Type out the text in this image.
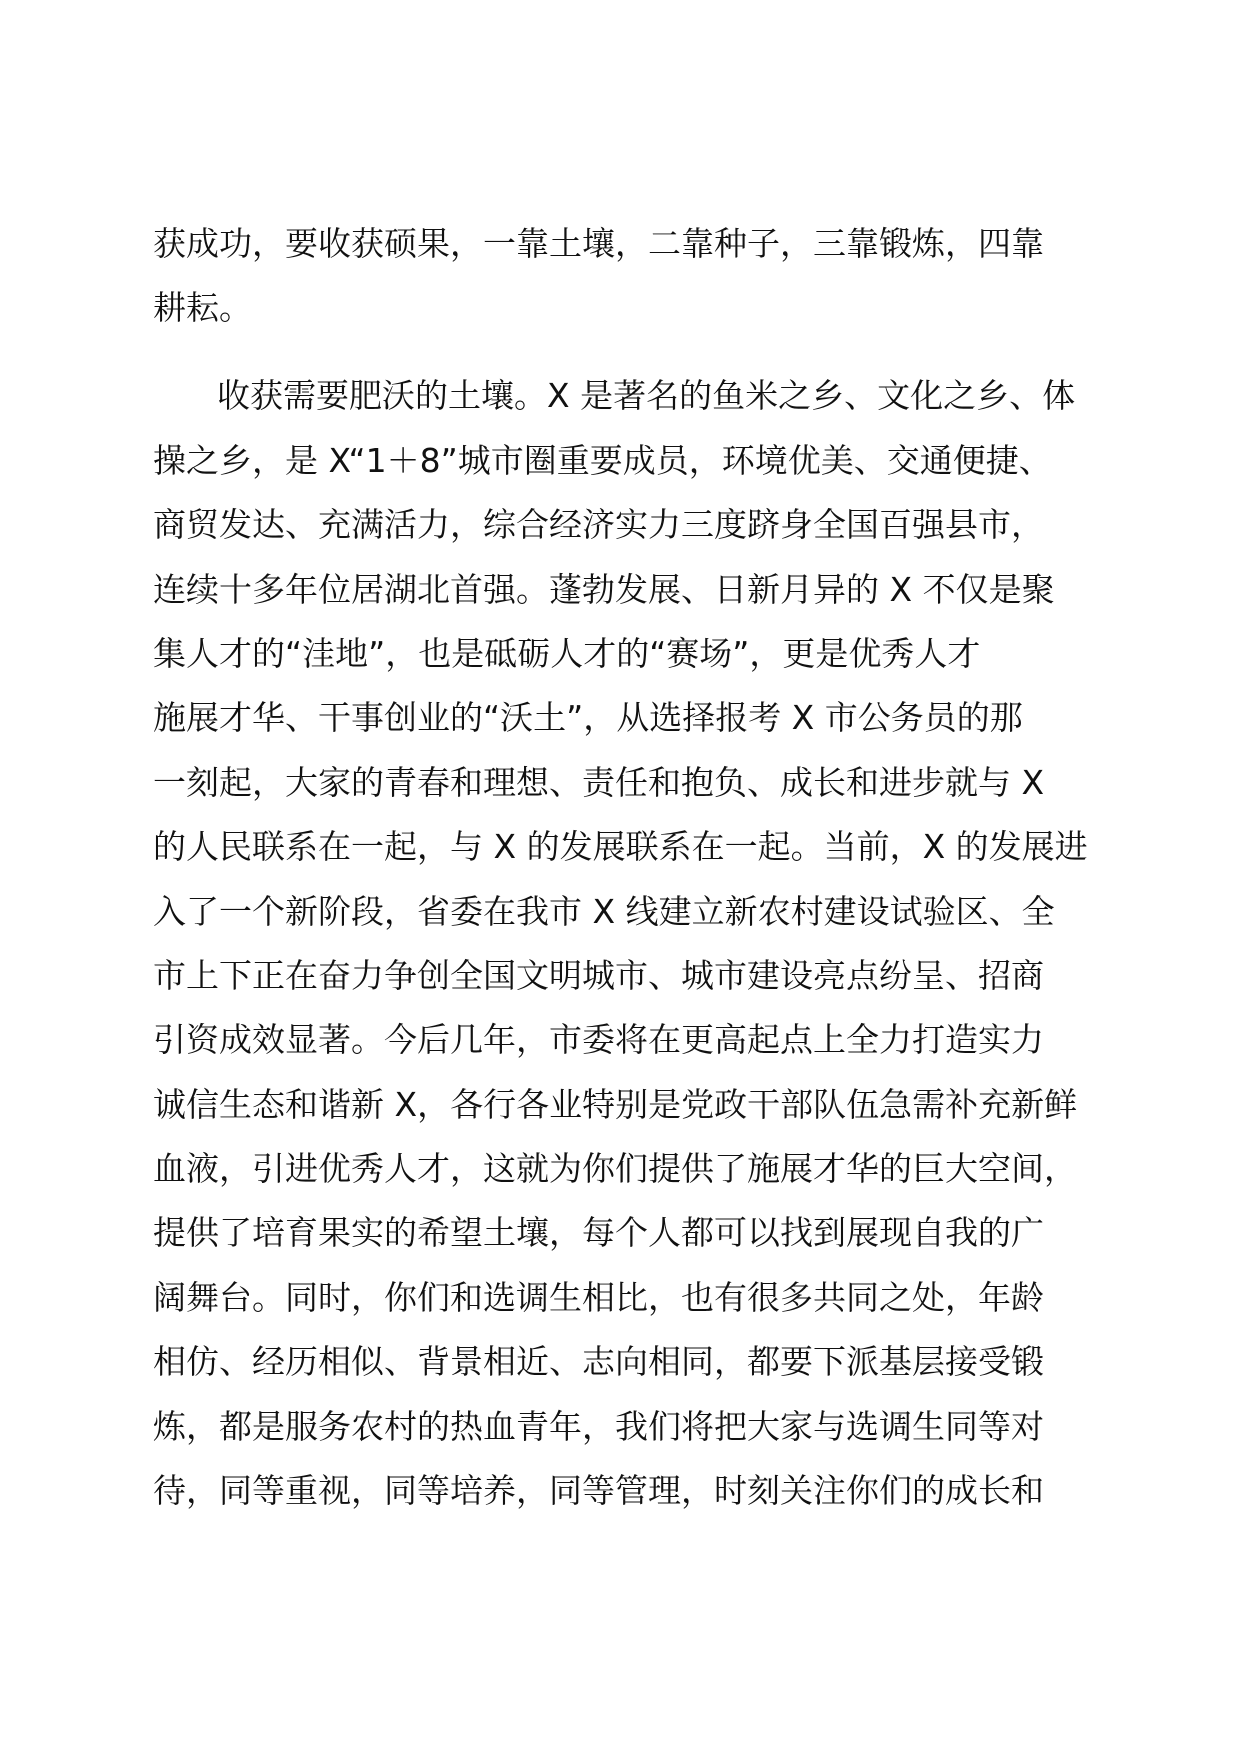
获成功，要收获硕果，一靠土壤，二靠种子，三靠锻炼，四靠
耕耘。
收获需要肥沃的土壤。X 是著名的鱼米之乡、文化之乡、体
操之乡，是 X“1＋8”城市圈重要成员，环境优美、交通便捷、
商贸发达、充满活力，综合经济实力三度跻身全国百强县市，
连续十多年位居湖北首强。蓬勃发展、日新月异的 X 不仅是聚
集人才的“洼地”，也是砥砺人才的“赛场”，更是优秀人才
施展才华、干事创业的“沃土”，从选择报考 X 市公务员的那
一刻起，大家的青春和理想、责任和抱负、成长和进步就与 X
的人民联系在一起，与 X 的发展联系在一起。当前，X 的发展进
入了一个新阶段，省委在我市 X 线建立新农村建设试验区、全
市上下正在奋力争创全国文明城市、城市建设亮点纷呈、招商
引资成效显著。今后几年，市委将在更高起点上全力打造实力
诚信生态和谐新 X，各行各业特别是党政干部队伍急需补充新鲜
血液，引进优秀人才，这就为你们提供了施展才华的巨大空间，
提供了培育果实的希望土壤，每个人都可以找到展现自我的广
阔舞台。同时，你们和选调生相比，也有很多共同之处，年龄
相仿、经历相似、背景相近、志向相同，都要下派基层接受锻
炼，都是服务农村的热血青年，我们将把大家与选调生同等对
待，同等重视，同等培养，同等管理，时刻关注你们的成长和
